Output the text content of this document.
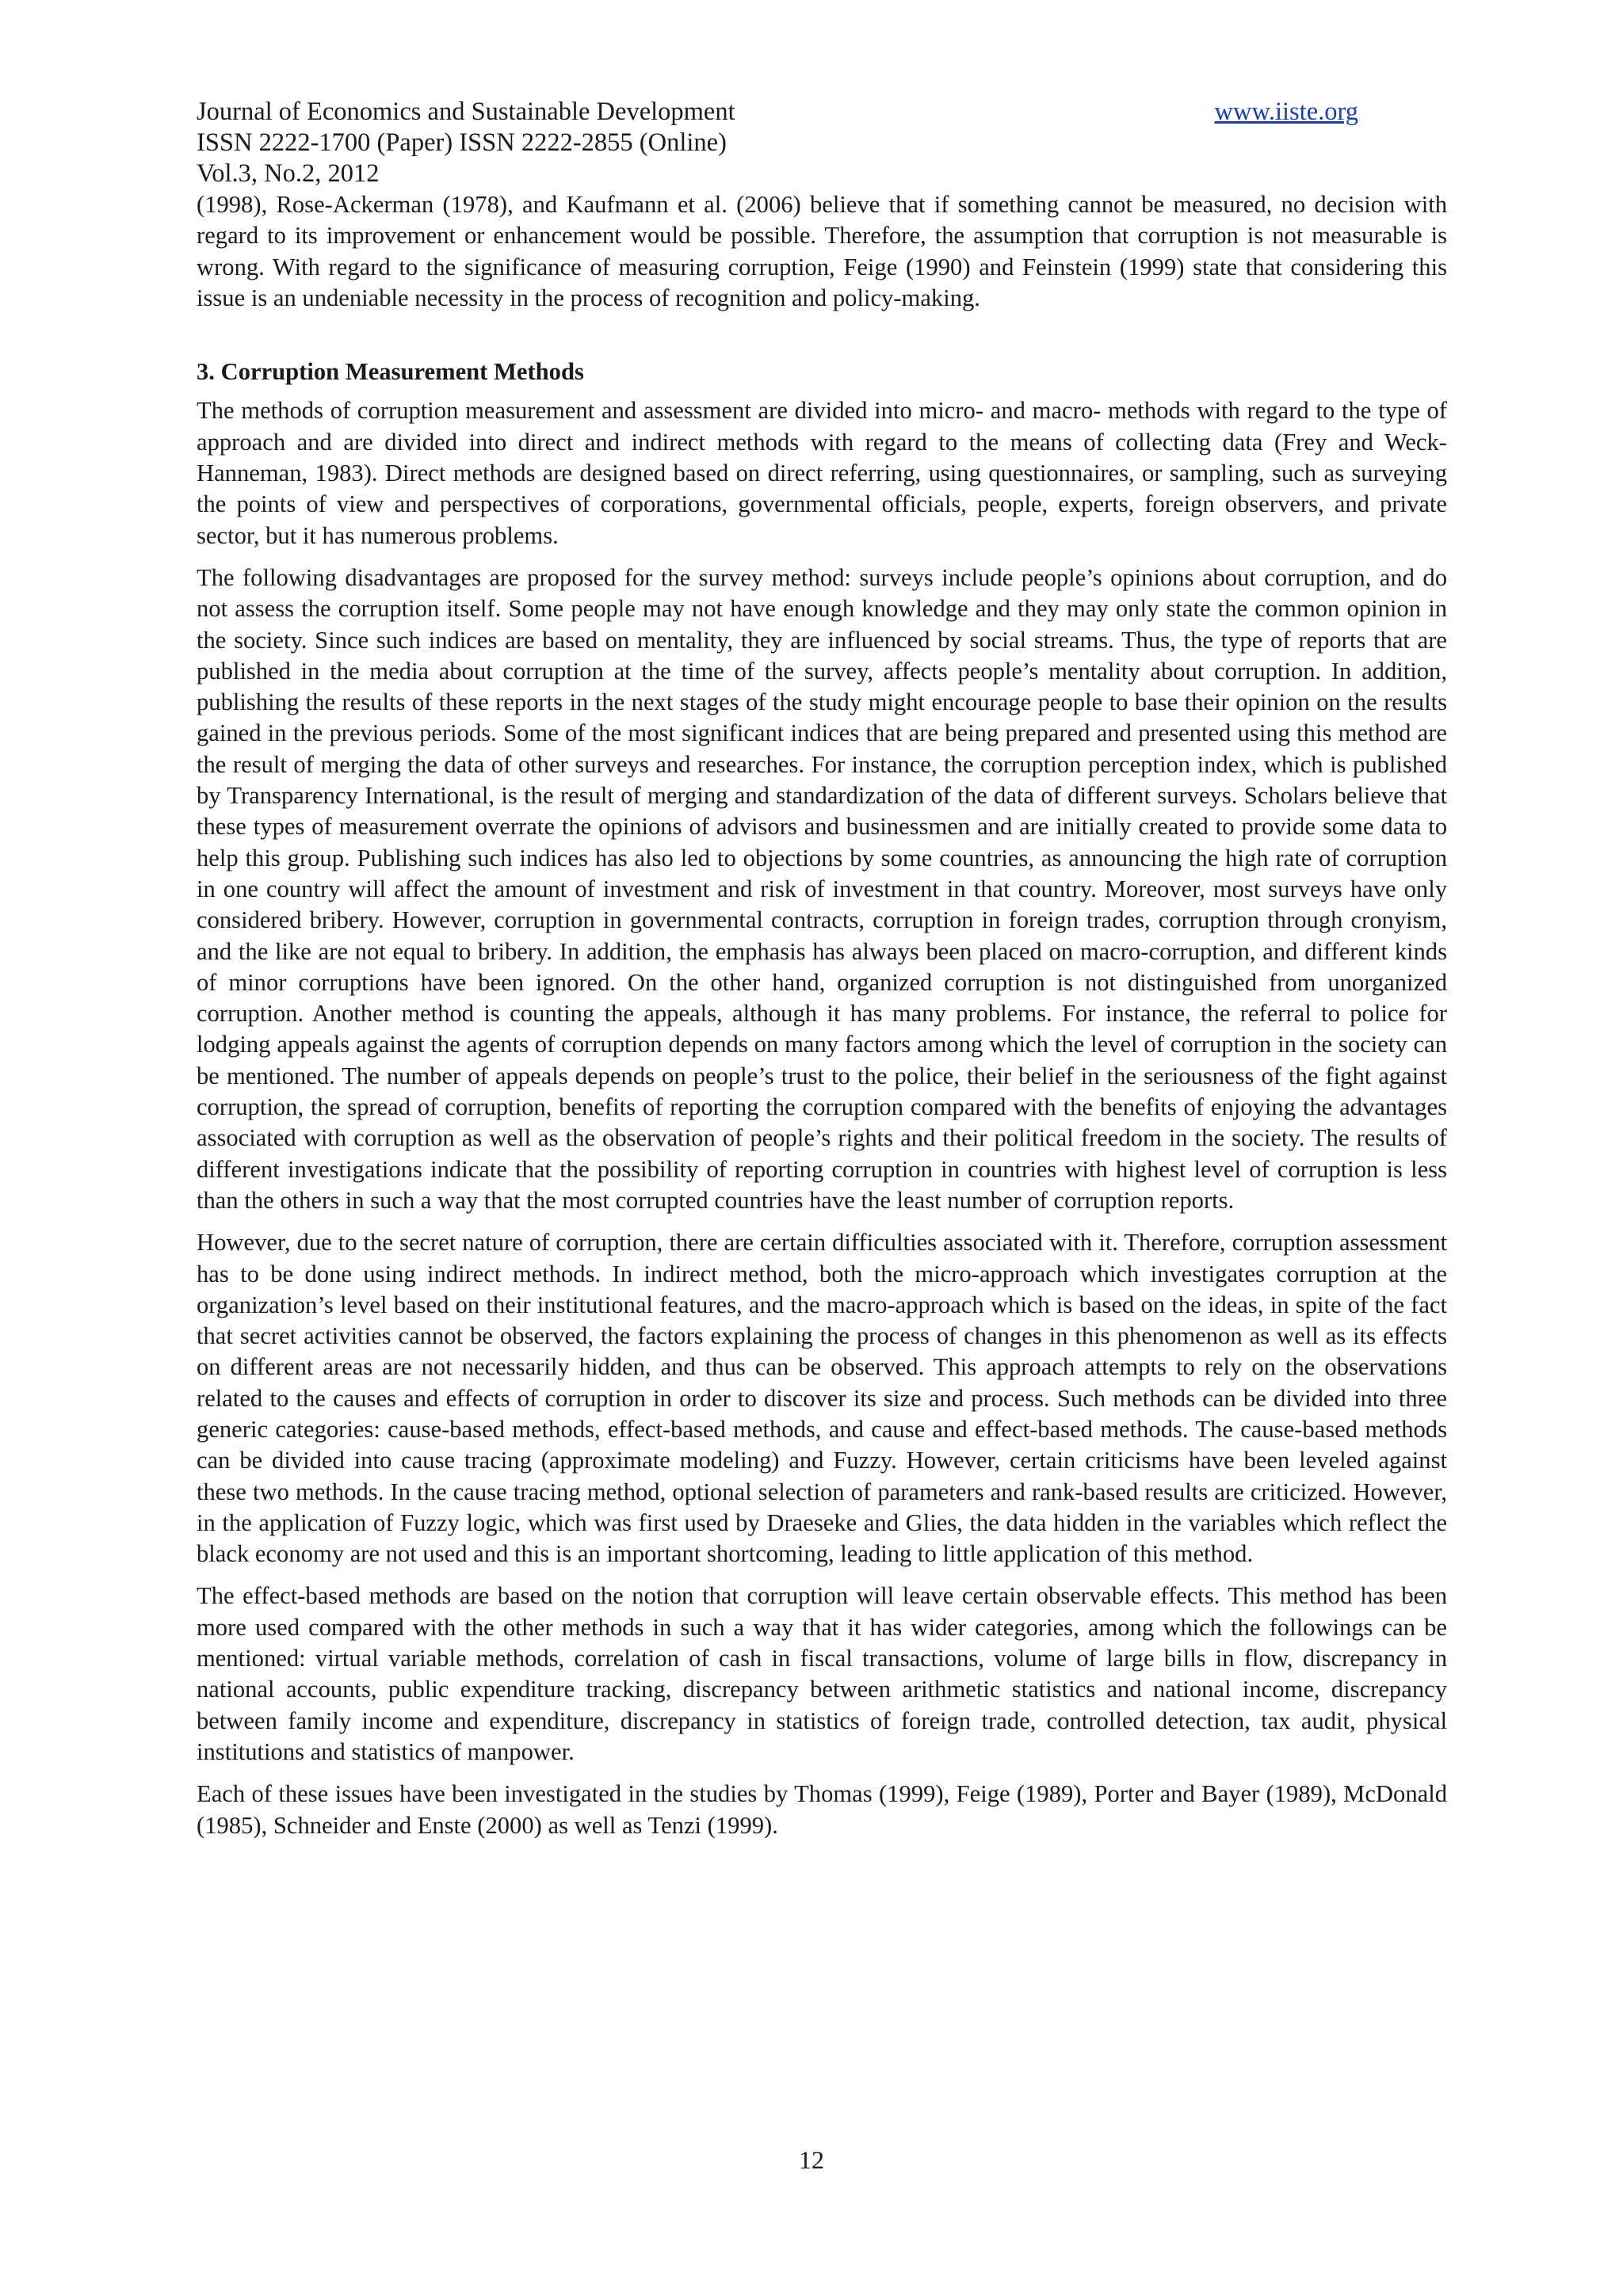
Journal of Economics and Sustainable Development	www.iiste.org
ISSN 2222-1700 (Paper) ISSN 2222-2855 (Online)
Vol.3, No.2, 2012

(1998), Rose-Ackerman (1978), and Kaufmann et al. (2006) believe that if something cannot be measured, no decision with regard to its improvement or enhancement would be possible. Therefore, the assumption that corruption is not measurable is wrong. With regard to the significance of measuring corruption, Feige (1990) and Feinstein (1999) state that considering this issue is an undeniable necessity in the process of recognition and policy-making.

3. Corruption Measurement Methods

The methods of corruption measurement and assessment are divided into micro- and macro- methods with regard to the type of approach and are divided into direct and indirect methods with regard to the means of collecting data (Frey and Weck-Hanneman, 1983). Direct methods are designed based on direct referring, using questionnaires, or sampling, such as surveying the points of view and perspectives of corporations, governmental officials, people, experts, foreign observers, and private sector, but it has numerous problems.

The following disadvantages are proposed for the survey method: surveys include people’s opinions about corruption, and do not assess the corruption itself. Some people may not have enough knowledge and they may only state the common opinion in the society. Since such indices are based on mentality, they are influenced by social streams. Thus, the type of reports that are published in the media about corruption at the time of the survey, affects people’s mentality about corruption. In addition, publishing the results of these reports in the next stages of the study might encourage people to base their opinion on the results gained in the previous periods. Some of the most significant indices that are being prepared and presented using this method are the result of merging the data of other surveys and researches. For instance, the corruption perception index, which is published by Transparency International, is the result of merging and standardization of the data of different surveys. Scholars believe that these types of measurement overrate the opinions of advisors and businessmen and are initially created to provide some data to help this group. Publishing such indices has also led to objections by some countries, as announcing the high rate of corruption in one country will affect the amount of investment and risk of investment in that country. Moreover, most surveys have only considered bribery. However, corruption in governmental contracts, corruption in foreign trades, corruption through cronyism, and the like are not equal to bribery. In addition, the emphasis has always been placed on macro-corruption, and different kinds of minor corruptions have been ignored. On the other hand, organized corruption is not distinguished from unorganized corruption. Another method is counting the appeals, although it has many problems. For instance, the referral to police for lodging appeals against the agents of corruption depends on many factors among which the level of corruption in the society can be mentioned. The number of appeals depends on people’s trust to the police, their belief in the seriousness of the fight against corruption, the spread of corruption, benefits of reporting the corruption compared with the benefits of enjoying the advantages associated with corruption as well as the observation of people’s rights and their political freedom in the society. The results of different investigations indicate that the possibility of reporting corruption in countries with highest level of corruption is less than the others in such a way that the most corrupted countries have the least number of corruption reports.

However, due to the secret nature of corruption, there are certain difficulties associated with it. Therefore, corruption assessment has to be done using indirect methods. In indirect method, both the micro-approach which investigates corruption at the organization’s level based on their institutional features, and the macro-approach which is based on the ideas, in spite of the fact that secret activities cannot be observed, the factors explaining the process of changes in this phenomenon as well as its effects on different areas are not necessarily hidden, and thus can be observed. This approach attempts to rely on the observations related to the causes and effects of corruption in order to discover its size and process. Such methods can be divided into three generic categories: cause-based methods, effect-based methods, and cause and effect-based methods. The cause-based methods can be divided into cause tracing (approximate modeling) and Fuzzy. However, certain criticisms have been leveled against these two methods. In the cause tracing method, optional selection of parameters and rank-based results are criticized. However, in the application of Fuzzy logic, which was first used by Draeseke and Glies, the data hidden in the variables which reflect the black economy are not used and this is an important shortcoming, leading to little application of this method.

The effect-based methods are based on the notion that corruption will leave certain observable effects. This method has been more used compared with the other methods in such a way that it has wider categories, among which the followings can be mentioned: virtual variable methods, correlation of cash in fiscal transactions, volume of large bills in flow, discrepancy in national accounts, public expenditure tracking, discrepancy between arithmetic statistics and national income, discrepancy between family income and expenditure, discrepancy in statistics of foreign trade, controlled detection, tax audit, physical institutions and statistics of manpower.

Each of these issues have been investigated in the studies by Thomas (1999), Feige (1989), Porter and Bayer (1989), McDonald (1985), Schneider and Enste (2000) as well as Tenzi (1999).

12
